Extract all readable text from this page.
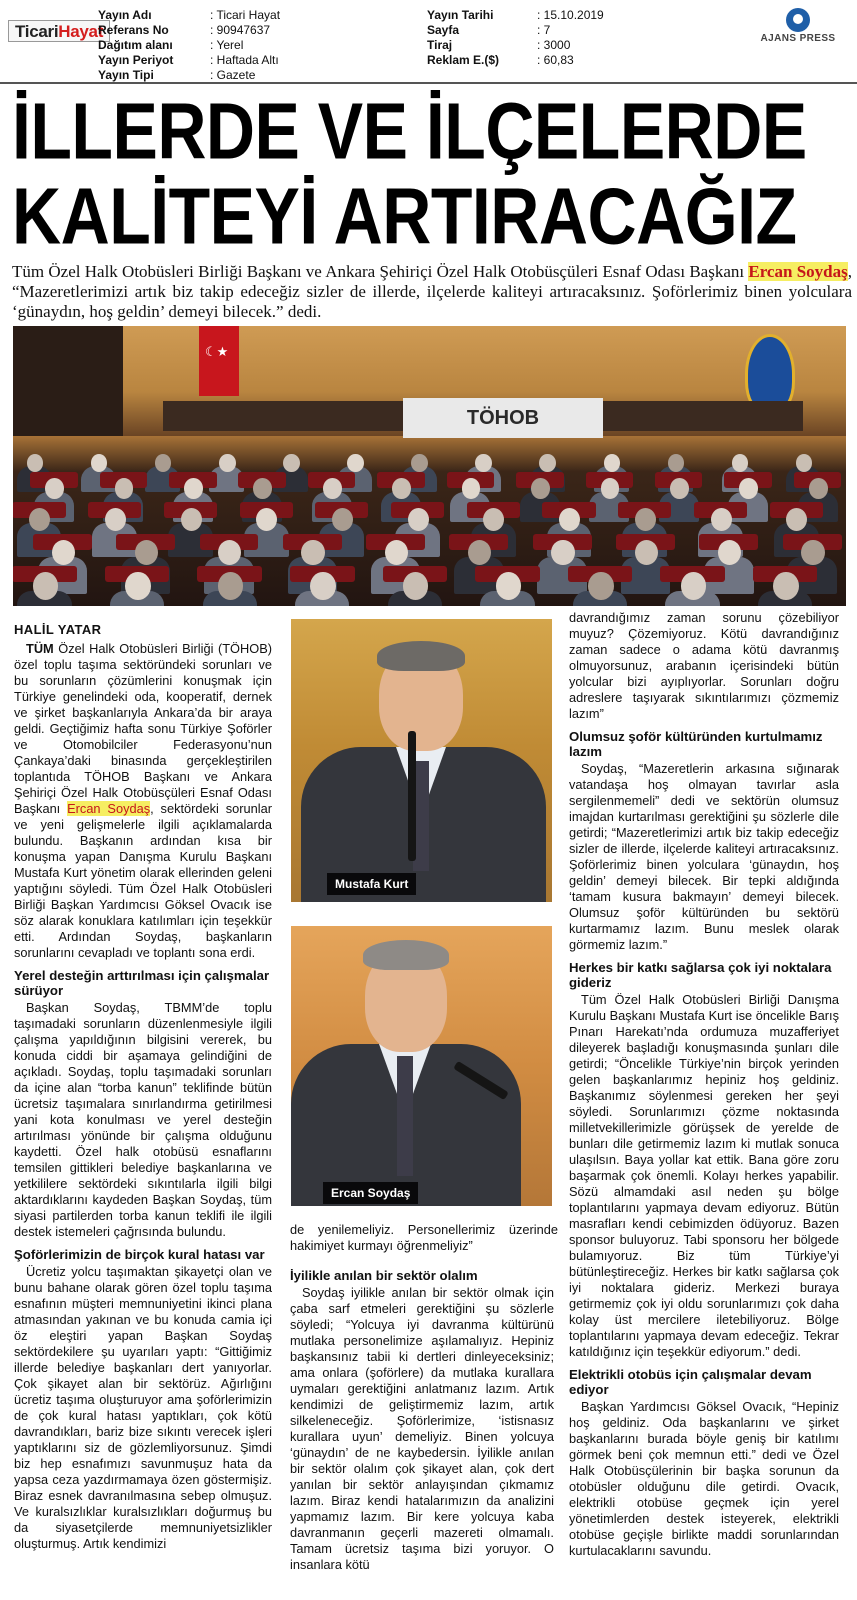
TicariHayat
Yayın Adı	: Ticari Hayat
Referans No	: 90947637
Dağıtım alanı	: Yerel
Yayın Periyot	: Haftada Altı
Yayın Tipi	: Gazete
Yayın Tarihi	: 15.10.2019
Sayfa	: 7
Tiraj	: 3000
Reklam E.($)	: 60,83
AJANS PRESS
İLLERDE VE İLÇELERDE
KALİTEYİ ARTIRACAĞIZ
Tüm Özel Halk Otobüsleri Birliği Başkanı ve Ankara Şehiriçi Özel Halk Otobüsçüleri Esnaf Odası Başkanı Ercan Soydaş, “Mazeretlerimizi artık biz takip edeceğiz sizler de illerde, ilçelerde kaliteyi artıracaksınız. Şoförlerimiz binen yolculara ‘günaydın, hoş geldin’ demeyi bilecek.” dedi.
☾★
TÖHOB
HALİL YATAR

TÜM Özel Halk Otobüsleri Birliği (TÖHOB) özel toplu taşıma sektöründeki sorunları ve bu sorunların çözümlerini konuşmak için Türkiye genelindeki oda, kooperatif, dernek ve şirket başkanlarıyla Ankara’da bir araya geldi. Geçtiğimiz hafta sonu Türkiye Şoförler ve Otomobilciler Federasyonu’nun Çankaya’daki binasında gerçekleştirilen toplantıda TÖHOB Başkanı ve Ankara Şehiriçi Özel Halk Otobüsçüleri Esnaf Odası Başkanı Ercan Soydaş, sektördeki sorunlar ve yeni gelişmelerle ilgili açıklamalarda bulundu. Başkanın ardından kısa bir konuşma yapan Danışma Kurulu Başkanı Mustafa Kurt yönetim olarak ellerinden geleni yaptığını söyledi. Tüm Özel Halk Otobüsleri Birliği Başkan Yardımcısı Göksel Ovacık ise söz alarak konuklara katılımları için teşekkür etti. Ardından Soydaş, başkanların sorunlarını cevapladı ve toplantı sona erdi.

Yerel desteğin arttırılması için çalışmalar sürüyor

Başkan Soydaş, TBMM’de toplu taşımadaki sorunların düzenlenmesiyle ilgili çalışma yapıldığının bilgisini vererek, bu konuda ciddi bir aşamaya gelindiğini de açıkladı. Soydaş, toplu taşımadaki sorunları da içine alan “torba kanun” teklifinde bütün ücretsiz taşımalara sınırlandırma getirilmesi yani kota konulması ve yerel desteğin artırılması yönünde bir çalışma olduğunu kaydetti. Özel halk otobüsü esnaflarını temsilen gittikleri belediye başkanlarına ve yetkililere sektördeki sıkıntılarla ilgili bilgi aktardıklarını kaydeden Başkan Soydaş, tüm siyasi partilerden torba kanun teklifi ile ilgili destek istemeleri çağrısında bulundu.

Şoförlerimizin de birçok kural hatası var

Ücretiz yolcu taşımaktan şikayetçi olan ve bunu bahane olarak gören özel toplu taşıma esnafının müşteri memnuniyetini ikinci plana atmasından yakınan ve bu konuda camia içi öz eleştiri yapan Başkan Soydaş sektördekilere şu uyarıları yaptı: “Gittiğimiz illerde belediye başkanları dert yanıyorlar. Çok şikayet alan bir sektörüz. Ağırlığını ücretiz taşıma oluşturuyor ama şoförlerimizin de çok kural hatası yaptıkları, çok kötü davrandıkları, bariz bize sıkıntı verecek işleri yaptıklarını siz de gözlemliyorsunuz. Şimdi biz hep esnafımızı savunmuşuz hata da yapsa ceza yazdırmamaya özen göstermişiz. Biraz esnek davranılmasına sebep olmuşuz. Ve kuralsızlıklar kuralsızlıkları doğurmuş bu da siyasetçilerde memnuniyetsizlikler oluşturmuş. Artık kendimizi

Mustafa Kurt
Ercan Soydaş
de yenilemeliyiz. Personellerimiz üzerinde hakimiyet kurmayı öğrenmeliyiz”
İyilikle anılan bir sektör olalım

Soydaş iyilikle anılan bir sektör olmak için çaba sarf etmeleri gerektiğini şu sözlerle söyledi; “Yolcuya iyi davranma kültürünü mutlaka personelimize aşılamalıyız. Hepiniz başkansınız tabii ki dertleri dinleyeceksiniz; ama onlara (şoförlere) da mutlaka kurallara uymaları gerektiğini anlatmanız lazım. Artık kendimizi de geliştirmemiz lazım, artık silkeleneceğiz. Şoförlerimize, ‘istisnasız kurallara uyun’ demeliyiz. Binen yolcuya ‘günaydın’ de ne kaybedersin. İyilikle anılan bir sektör olalım çok şikayet alan, çok dert yanılan bir sektör anlayışından çıkmamız lazım. Biraz kendi hatalarımızın da analizini yapmamız lazım. Bir kere yolcuya kaba davranmanın geçerli mazereti olmamalı. Tamam ücretsiz taşıma bizi yoruyor. O insanlara kötü

davrandığımız zaman sorunu çözebiliyor muyuz? Çözemiyoruz. Kötü davrandığınız zaman sadece o adama kötü davranmış olmuyorsunuz, arabanın içerisindeki bütün yolcular bizi ayıplıyorlar. Sorunları doğru adreslere taşıyarak sıkıntılarımızı çözmemiz lazım”

Olumsuz şoför kültüründen kurtulmamız lazım

Soydaş, “Mazeretlerin arkasına sığınarak vatandaşa hoş olmayan tavırlar asla sergilenmemeli” dedi ve sektörün olumsuz imajdan kurtarılması gerektiğini şu sözlerle dile getirdi; “Mazeretlerimizi artık biz takip edeceğiz sizler de illerde, ilçelerde kaliteyi artıracaksınız. Şoförlerimiz binen yolculara ‘günaydın, hoş geldin’ demeyi bilecek. Bir tepki aldığında ‘tamam kusura bakmayın’ demeyi bilecek. Olumsuz şoför kültüründen bu sektörü kurtarmamız lazım. Bunu meslek olarak görmemiz lazım.”

Herkes bir katkı sağlarsa çok iyi noktalara gideriz

Tüm Özel Halk Otobüsleri Birliği Danışma Kurulu Başkanı Mustafa Kurt ise öncelikle Barış Pınarı Harekatı’nda ordumuza muzafferiyet dileyerek başladığı konuşmasında şunları dile getirdi; “Öncelikle Türkiye’nin birçok yerinden gelen başkanlarımız hepiniz hoş geldiniz. Başkanımız söylenmesi gereken her şeyi söyledi. Sorunlarımızı çözme noktasında milletvekillerimizle görüşsek de yerelde de bunları dile getirmemiz lazım ki mutlak sonuca ulaşılsın. Baya yollar kat ettik. Bana göre zoru başarmak çok önemli. Kolayı herkes yapabilir. Sözü almamdaki asıl neden şu bölge toplantılarını yapmaya devam ediyoruz. Bütün masrafları kendi cebimizden ödüyoruz. Bazen sponsor buluyoruz. Tabi sponsoru her bölgede bulamıyoruz. Biz tüm Türkiye’yi bütünleştireceğiz. Herkes bir katkı sağlarsa çok iyi noktalara gideriz. Merkezi buraya getirmemiz çok iyi oldu sorunlarımızı çok daha kolay üst mercilere iletebiliyoruz. Bölge toplantılarını yapmaya devam edeceğiz. Tekrar katıldığınız için teşekkür ediyorum.” dedi.

Elektrikli otobüs için çalışmalar devam ediyor

Başkan Yardımcısı Göksel Ovacık, “Hepiniz hoş geldiniz. Oda başkanlarını ve şirket başkanlarını burada böyle geniş bir katılımı görmek beni çok memnun etti.” dedi ve Özel Halk Otobüsçülerinin bir başka sorunun da otobüsler olduğunu dile getirdi. Ovacık, elektrikli otobüse geçmek için yerel yönetimlerden destek isteyerek, elektrikli otobüse geçişle birlikte maddi sorunlarından kurtulacaklarını savundu.
